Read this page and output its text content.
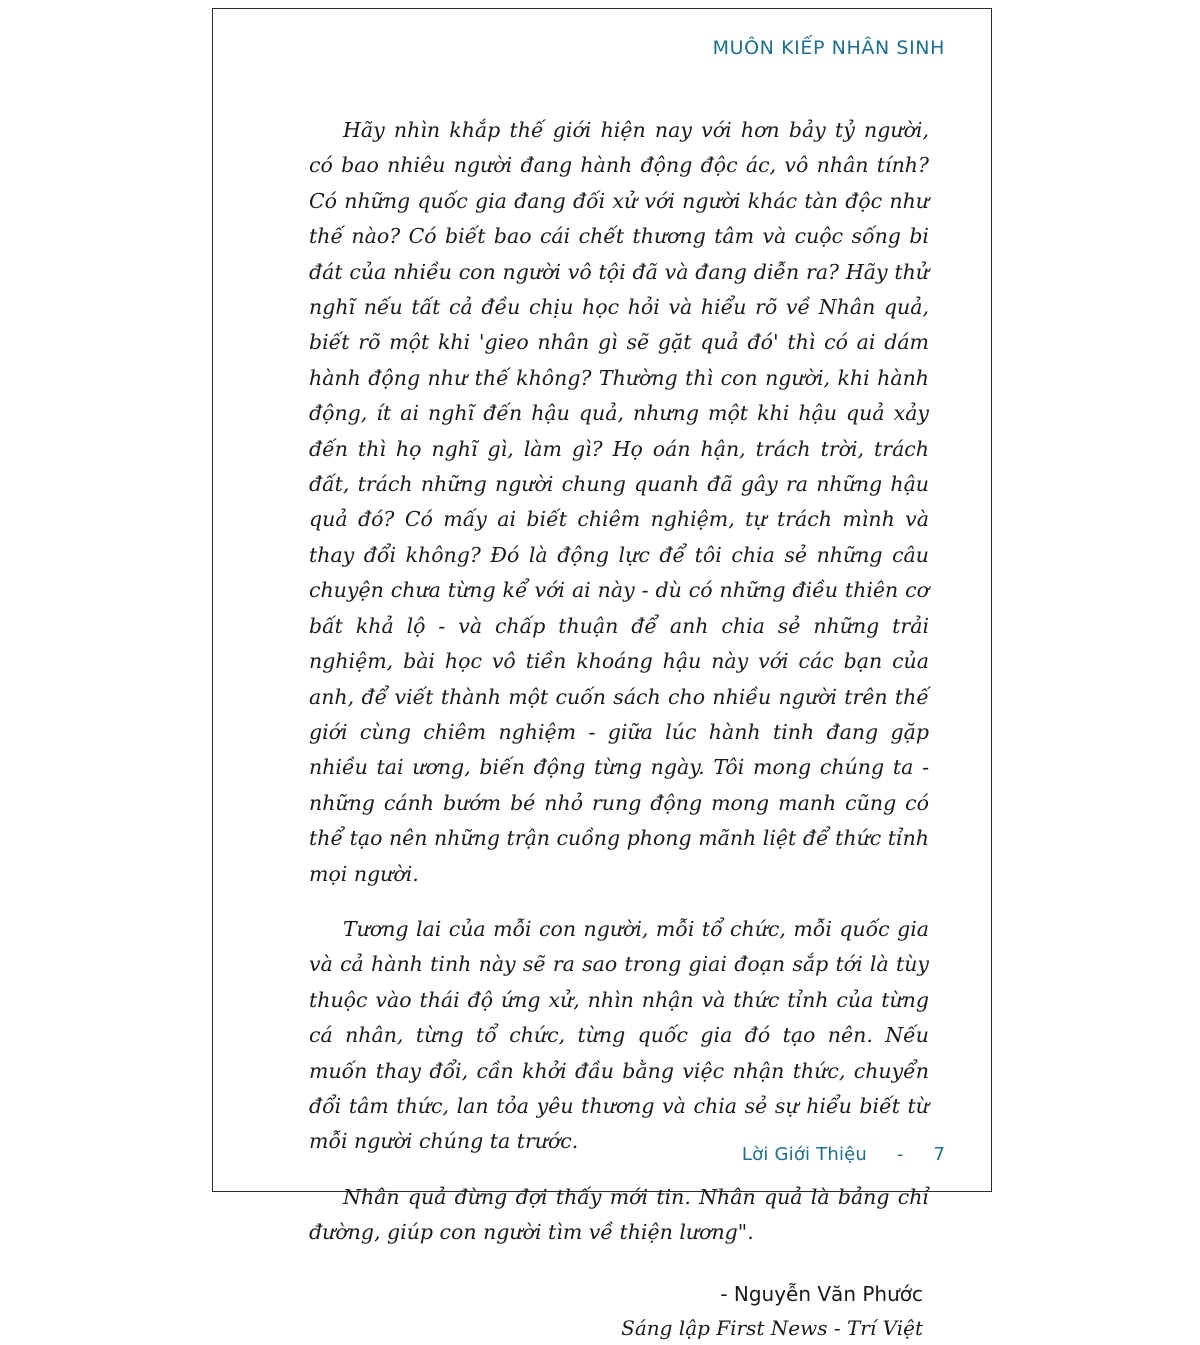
MUÔN KIẾP NHÂN SINH

Hãy nhìn khắp thế giới hiện nay với hơn bảy tỷ người, có bao nhiêu người đang hành động độc ác, vô nhân tính? Có những quốc gia đang đối xử với người khác tàn độc như thế nào? Có biết bao cái chết thương tâm và cuộc sống bi đát của nhiều con người vô tội đã và đang diễn ra? Hãy thử nghĩ nếu tất cả đều chịu học hỏi và hiểu rõ về Nhân quả, biết rõ một khi 'gieo nhân gì sẽ gặt quả đó' thì có ai dám hành động như thế không? Thường thì con người, khi hành động, ít ai nghĩ đến hậu quả, nhưng một khi hậu quả xảy đến thì họ nghĩ gì, làm gì? Họ oán hận, trách trời, trách đất, trách những người chung quanh đã gây ra những hậu quả đó? Có mấy ai biết chiêm nghiệm, tự trách mình và thay đổi không? Đó là động lực để tôi chia sẻ những câu chuyện chưa từng kể với ai này - dù có những điều thiên cơ bất khả lộ - và chấp thuận để anh chia sẻ những trải nghiệm, bài học vô tiền khoáng hậu này với các bạn của anh, để viết thành một cuốn sách cho nhiều người trên thế giới cùng chiêm nghiệm - giữa lúc hành tinh đang gặp nhiều tai ương, biến động từng ngày. Tôi mong chúng ta - những cánh bướm bé nhỏ rung động mong manh cũng có thể tạo nên những trận cuồng phong mãnh liệt để thức tỉnh mọi người.

Tương lai của mỗi con người, mỗi tổ chức, mỗi quốc gia và cả hành tinh này sẽ ra sao trong giai đoạn sắp tới là tùy thuộc vào thái độ ứng xử, nhìn nhận và thức tỉnh của từng cá nhân, từng tổ chức, từng quốc gia đó tạo nên. Nếu muốn thay đổi, cần khởi đầu bằng việc nhận thức, chuyển đổi tâm thức, lan tỏa yêu thương và chia sẻ sự hiểu biết từ mỗi người chúng ta trước.

Nhân quả đừng đợi thấy mới tin. Nhân quả là bảng chỉ đường, giúp con người tìm về thiện lương".

- Nguyễn Văn Phước
Sáng lập First News - Trí Việt
Lời Giới Thiệu - 7
